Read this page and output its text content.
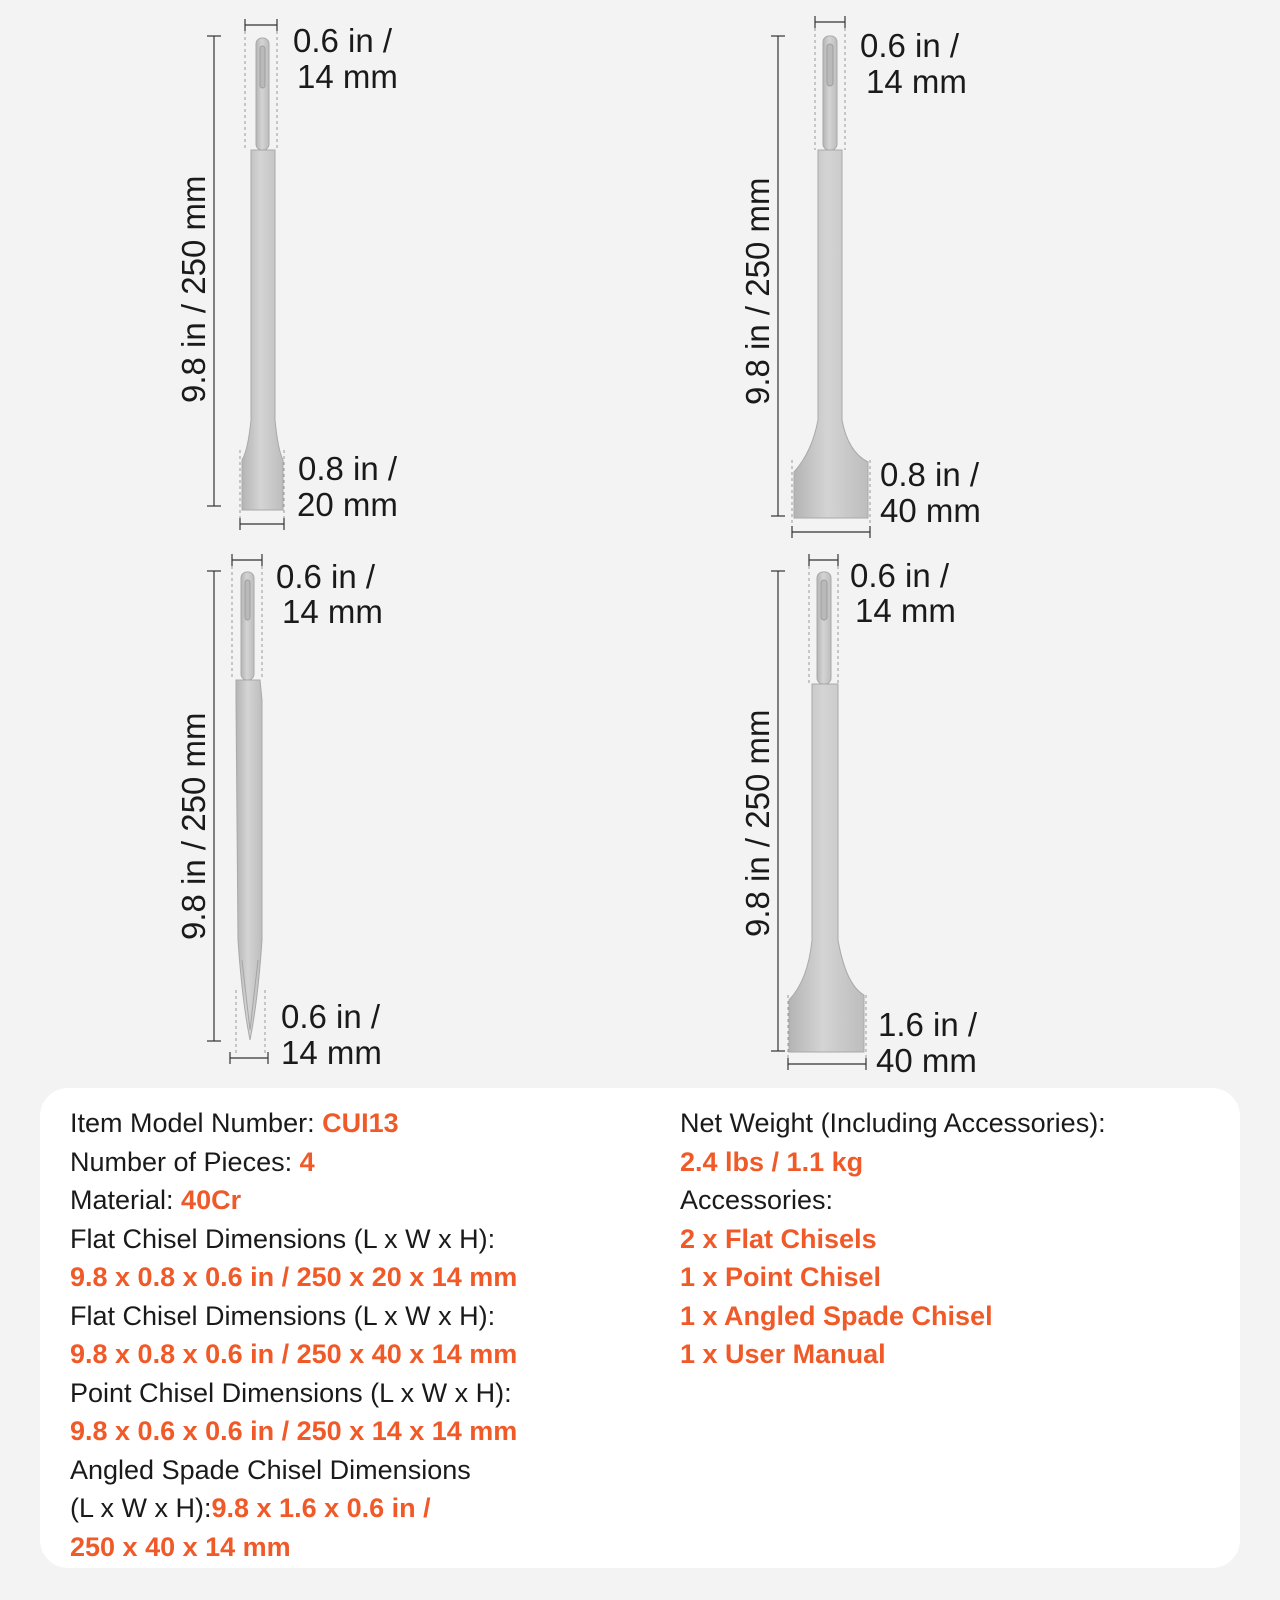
9.8 in / 250 mm
0.6 in /
14 mm
0.8 in /
20 mm
9.8 in / 250 mm
0.6 in /
14 mm
0.8 in /
40 mm
9.8 in / 250 mm
0.6 in /
14 mm
0.6 in /
14 mm
9.8 in / 250 mm
0.6 in /
14 mm
1.6 in /
40 mm
Item Model Number: CUI13
Number of Pieces: 4
Material: 40Cr
Flat Chisel Dimensions (L x W x H):
9.8 x 0.8 x 0.6 in / 250 x 20 x 14 mm
Flat Chisel Dimensions (L x W x H):
9.8 x 0.8 x 0.6 in / 250 x 40 x 14 mm
Point Chisel Dimensions (L x W x H):
9.8 x 0.6 x 0.6 in / 250 x 14 x 14 mm
Angled Spade Chisel Dimensions
(L x W x H):9.8 x 1.6 x 0.6 in /
250 x 40 x 14 mm
Net Weight (Including Accessories):
2.4 lbs / 1.1 kg
Accessories:
2 x Flat Chisels
1 x Point Chisel
1 x Angled Spade Chisel
1 x User Manual
